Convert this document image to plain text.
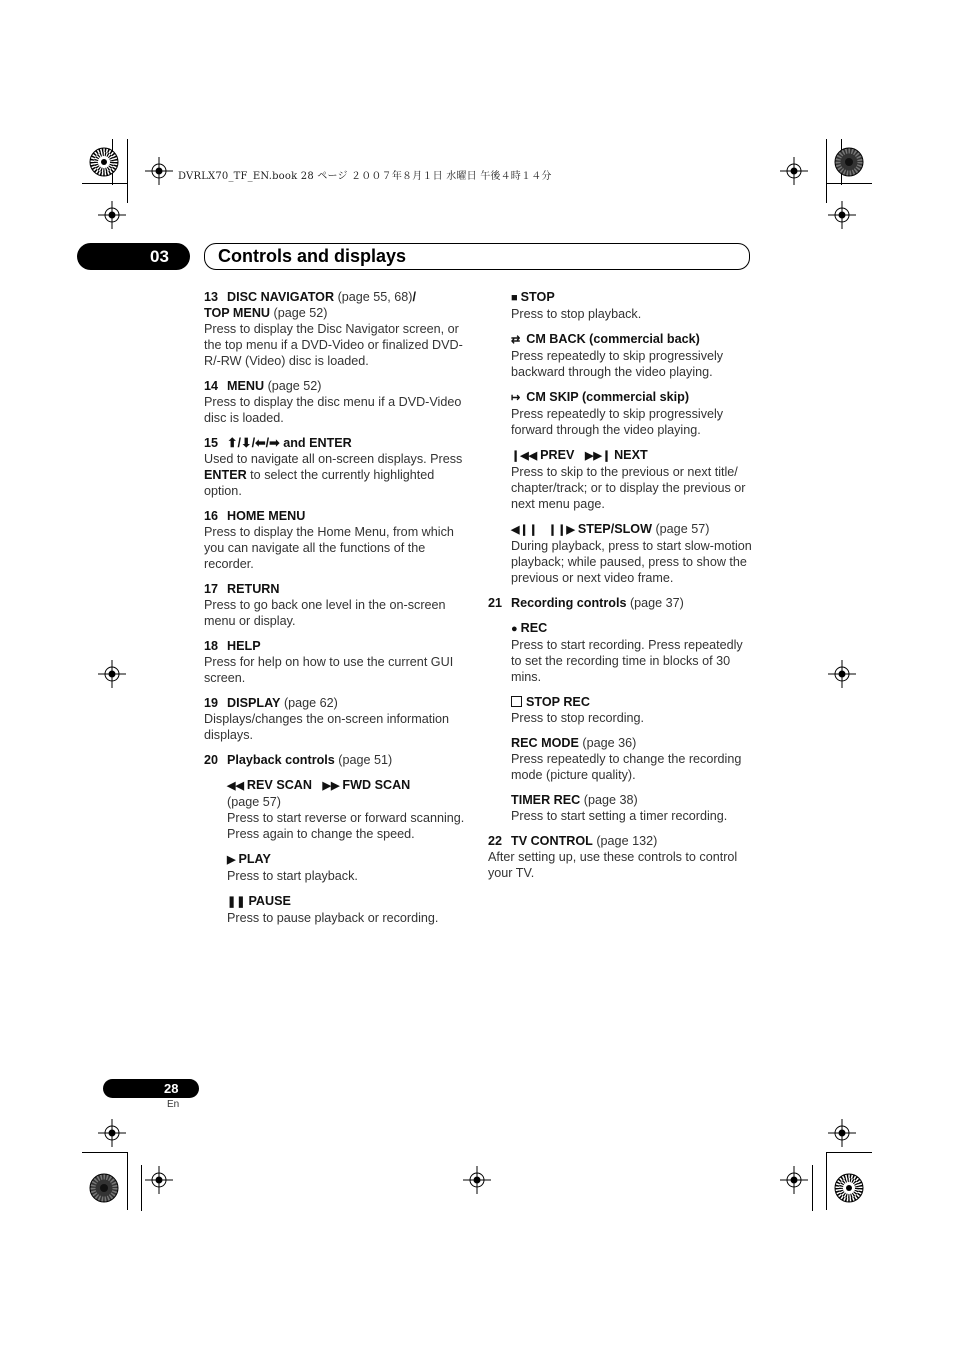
DVRLX70_TF_EN.book 28 ページ ２００７年８月１日 水曜日 午後４時１４分
03	Controls and displays
13 DISC NAVIGATOR (page 55, 68)/
TOP MENU (page 52)
Press to display the Disc Navigator screen, or the top menu if a DVD-Video or finalized DVD-R/-RW (Video) disc is loaded.
14 MENU (page 52)
Press to display the disc menu if a DVD-Video disc is loaded.
15 ⬆/⬇/⬅/➡ and ENTER
Used to navigate all on-screen displays. Press ENTER to select the currently highlighted option.
16 HOME MENU
Press to display the Home Menu, from which you can navigate all the functions of the recorder.
17 RETURN
Press to go back one level in the on-screen menu or display.
18 HELP
Press for help on how to use the current GUI screen.
19 DISPLAY (page 62)
Displays/changes the on-screen information displays.
20 Playback controls (page 51)
◀◀ REV SCAN ▶▶ FWD SCAN
(page 57)
Press to start reverse or forward scanning. Press again to change the speed.
▶ PLAY
Press to start playback.
❚❚ PAUSE
Press to pause playback or recording.
■ STOP
Press to stop playback.
⇄ CM BACK (commercial back)
Press repeatedly to skip progressively backward through the video playing.
↦ CM SKIP (commercial skip)
Press repeatedly to skip progressively forward through the video playing.
❙◀◀ PREV ▶▶❙ NEXT
Press to skip to the previous or next title/ chapter/track; or to display the previous or next menu page.
◀❙❙ ❙❙▶ STEP/SLOW (page 57)
During playback, press to start slow-motion playback; while paused, press to show the previous or next video frame.
21 Recording controls (page 37)
● REC
Press to start recording. Press repeatedly to set the recording time in blocks of 30 mins.
STOP REC
Press to stop recording.
REC MODE (page 36)
Press repeatedly to change the recording mode (picture quality).
TIMER REC (page 38)
Press to start setting a timer recording.
22 TV CONTROL (page 132)
After setting up, use these controls to control your TV.
28
En
